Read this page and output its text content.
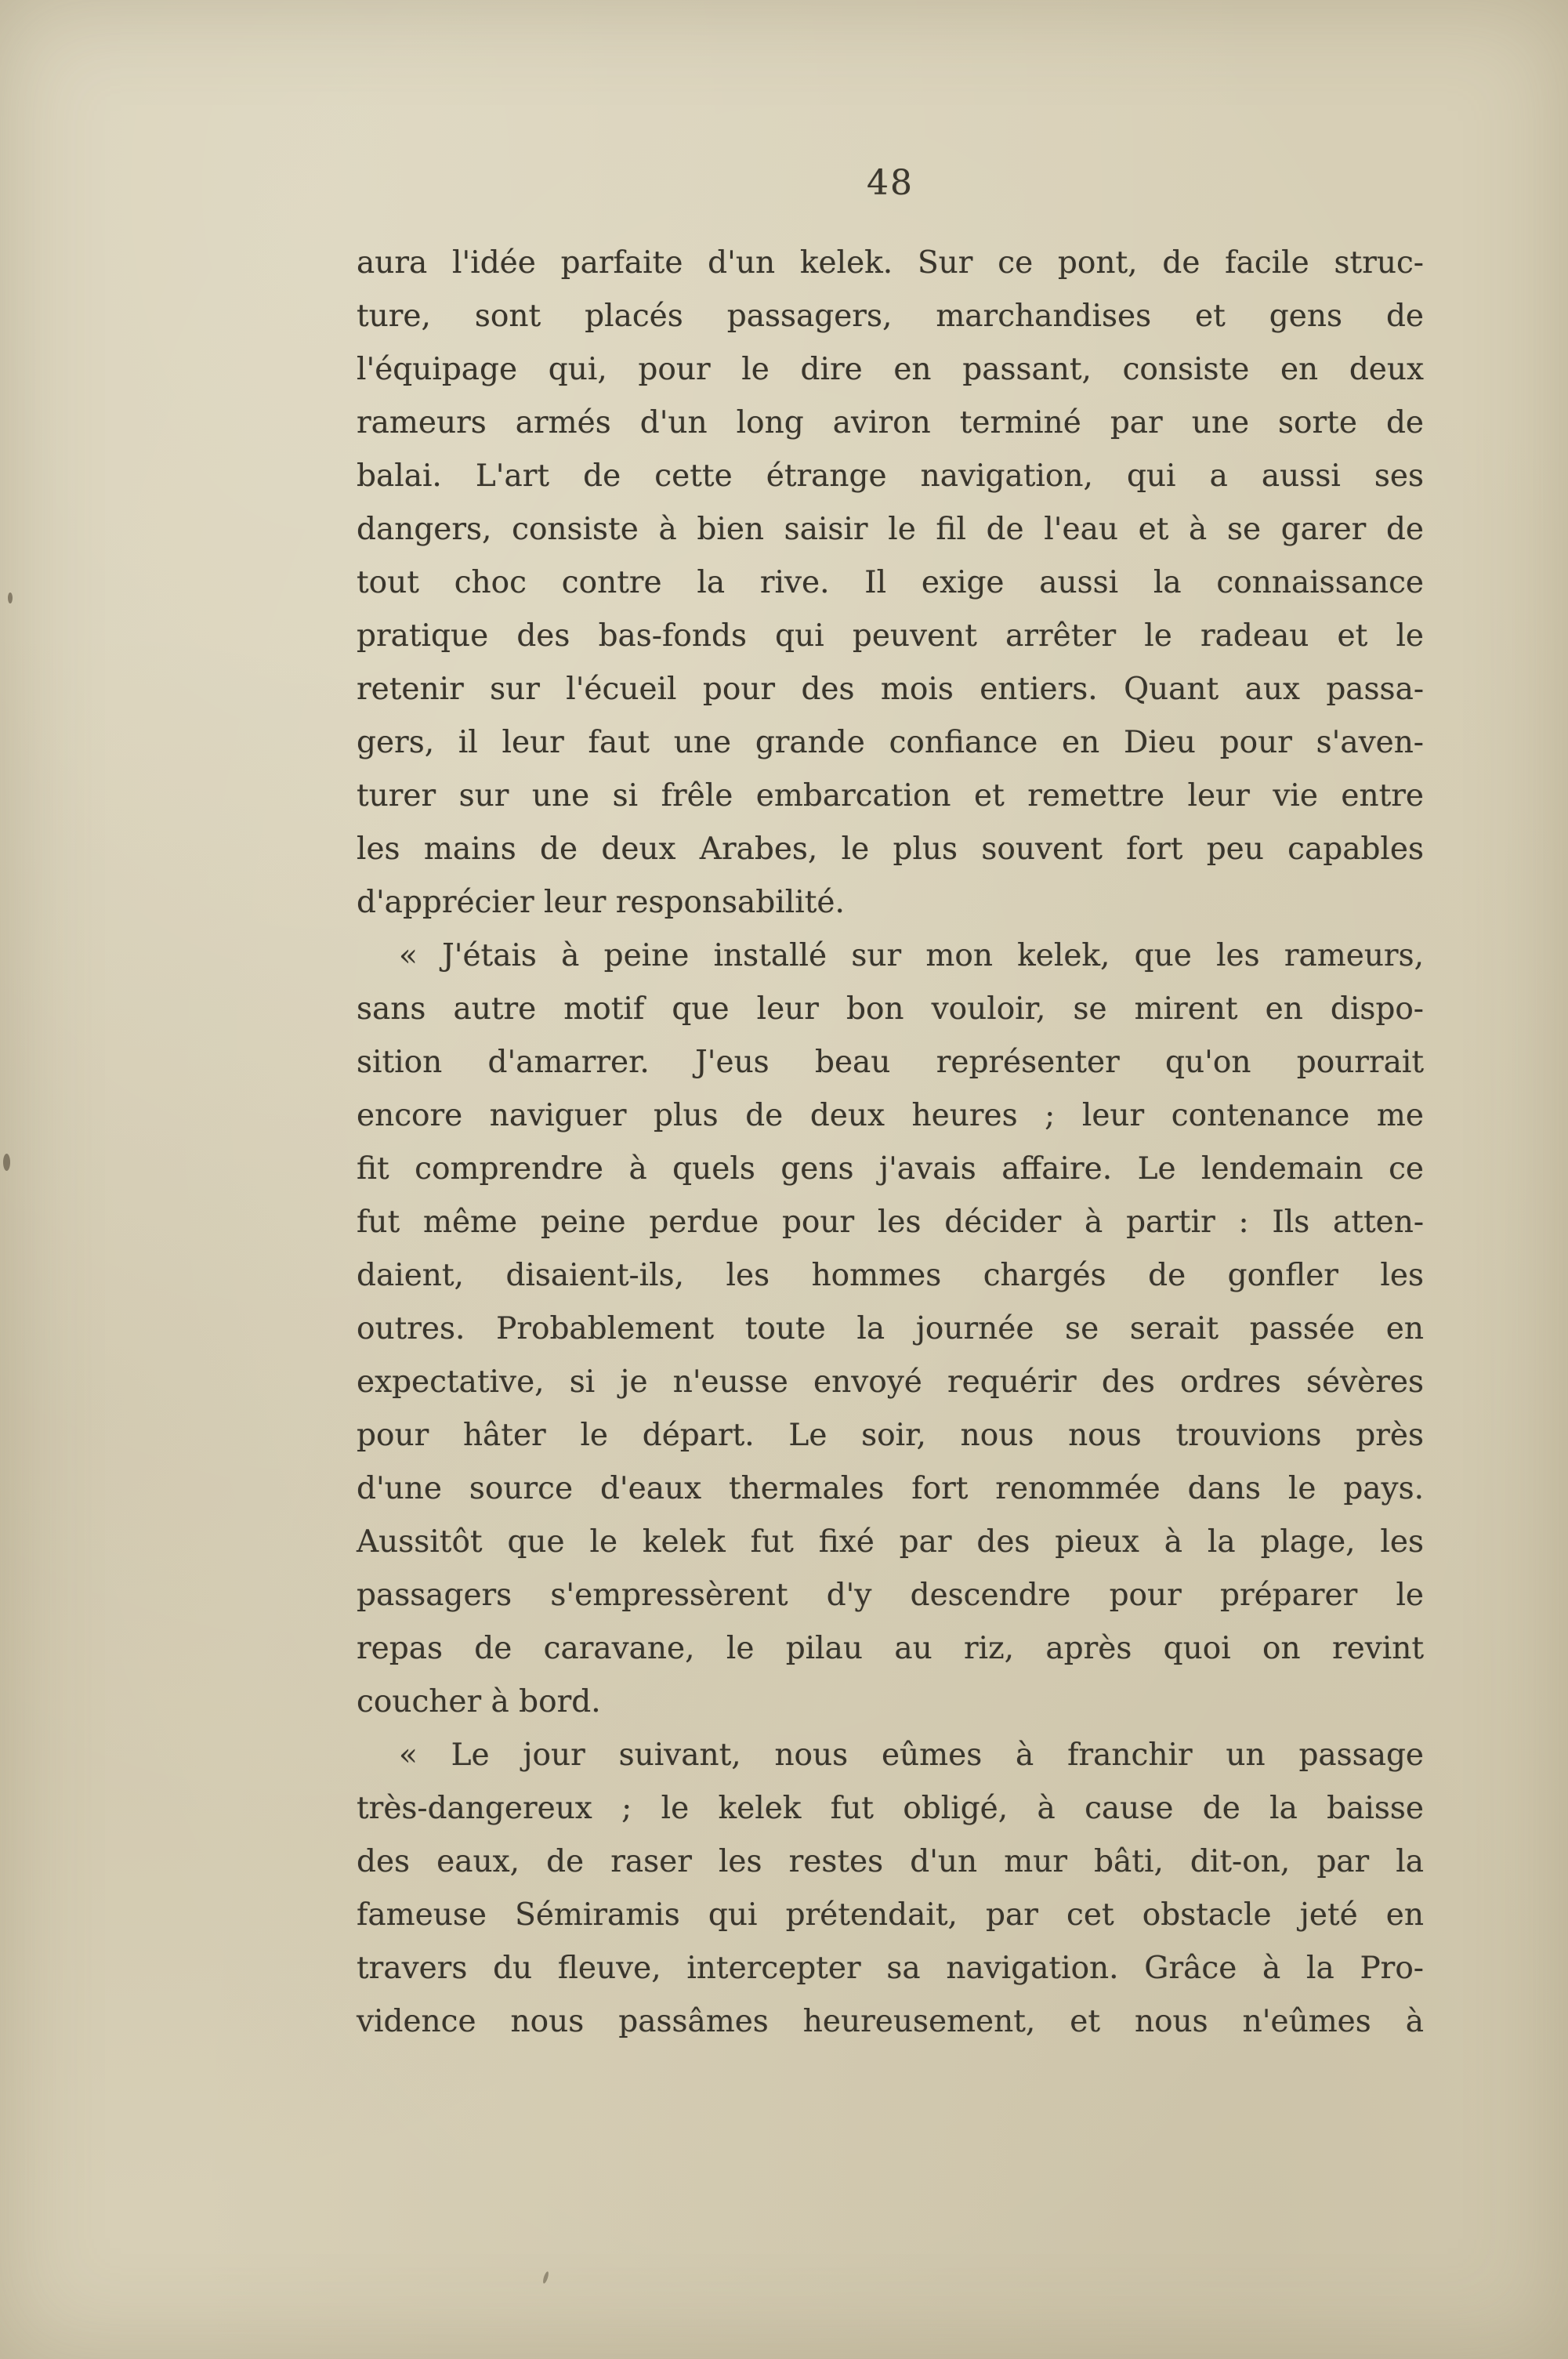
48
aura l'idée parfaite d'un kelek. Sur ce pont, de facile struc-
ture, sont placés passagers, marchandises et gens de
l'équipage qui, pour le dire en passant, consiste en deux
rameurs armés d'un long aviron terminé par une sorte de
balai. L'art de cette étrange navigation, qui a aussi ses
dangers, consiste à bien saisir le fil de l'eau et à se garer de
tout choc contre la rive. Il exige aussi la connaissance
pratique des bas-fonds qui peuvent arrêter le radeau et le
retenir sur l'écueil pour des mois entiers. Quant aux passa-
gers, il leur faut une grande confiance en Dieu pour s'aven-
turer sur une si frêle embarcation et remettre leur vie entre
les mains de deux Arabes, le plus souvent fort peu capables
d'apprécier leur responsabilité.
« J'étais à peine installé sur mon kelek, que les rameurs,
sans autre motif que leur bon vouloir, se mirent en dispo-
sition d'amarrer. J'eus beau représenter qu'on pourrait
encore naviguer plus de deux heures ; leur contenance me
fit comprendre à quels gens j'avais affaire. Le lendemain ce
fut même peine perdue pour les décider à partir : Ils atten-
daient, disaient-ils, les hommes chargés de gonfler les
outres. Probablement toute la journée se serait passée en
expectative, si je n'eusse envoyé requérir des ordres sévères
pour hâter le départ. Le soir, nous nous trouvions près
d'une source d'eaux thermales fort renommée dans le pays.
Aussitôt que le kelek fut fixé par des pieux à la plage, les
passagers s'empressèrent d'y descendre pour préparer le
repas de caravane, le pilau au riz, après quoi on revint
coucher à bord.
« Le jour suivant, nous eûmes à franchir un passage
très-dangereux ; le kelek fut obligé, à cause de la baisse
des eaux, de raser les restes d'un mur bâti, dit-on, par la
fameuse Sémiramis qui prétendait, par cet obstacle jeté en
travers du fleuve, intercepter sa navigation. Grâce à la Pro-
vidence nous passâmes heureusement, et nous n'eûmes à
